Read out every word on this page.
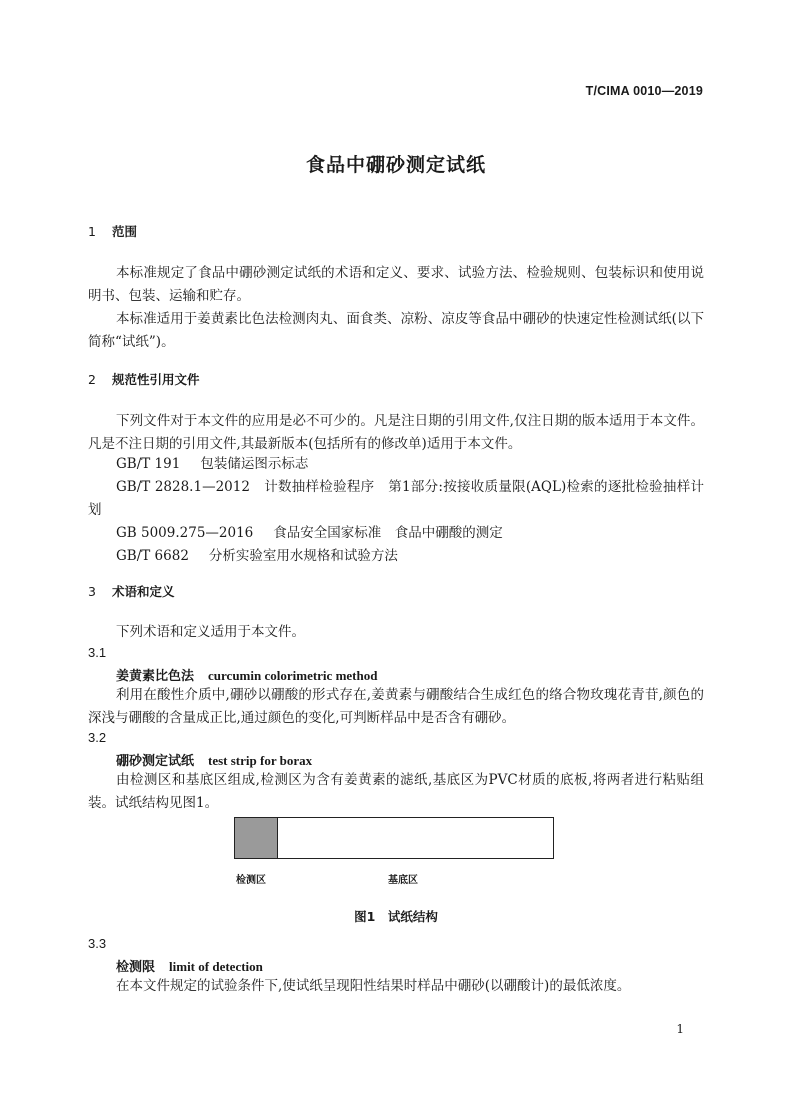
T/CIMA 0010—2019
食品中硼砂测定试纸
1 范围
本标准规定了食品中硼砂测定试纸的术语和定义、要求、试验方法、检验规则、包装标识和使用说明书、包装、运输和贮存。
本标准适用于姜黄素比色法检测肉丸、面食类、凉粉、凉皮等食品中硼砂的快速定性检测试纸(以下简称“试纸”)。
2 规范性引用文件
下列文件对于本文件的应用是必不可少的。凡是注日期的引用文件,仅注日期的版本适用于本文件。凡是不注日期的引用文件,其最新版本(包括所有的修改单)适用于本文件。
GB/T 191 包装储运图示标志
GB/T 2828.1—2012 计数抽样检验程序　第1部分:按接收质量限(AQL)检索的逐批检验抽样计划
GB 5009.275—2016 食品安全国家标准　食品中硼酸的测定
GB/T 6682 分析实验室用水规格和试验方法
3 术语和定义
下列术语和定义适用于本文件。
3.1
姜黄素比色法 curcumin colorimetric method
利用在酸性介质中,硼砂以硼酸的形式存在,姜黄素与硼酸结合生成红色的络合物玫瑰花青苷,颜色的深浅与硼酸的含量成正比,通过颜色的变化,可判断样品中是否含有硼砂。
3.2
硼砂测定试纸 test strip for borax
由检测区和基底区组成,检测区为含有姜黄素的滤纸,基底区为PVC材质的底板,将两者进行粘贴组装。试纸结构见图1。
检测区	基底区
图1　试纸结构
3.3
检测限 limit of detection
在本文件规定的试验条件下,使试纸呈现阳性结果时样品中硼砂(以硼酸计)的最低浓度。
1
